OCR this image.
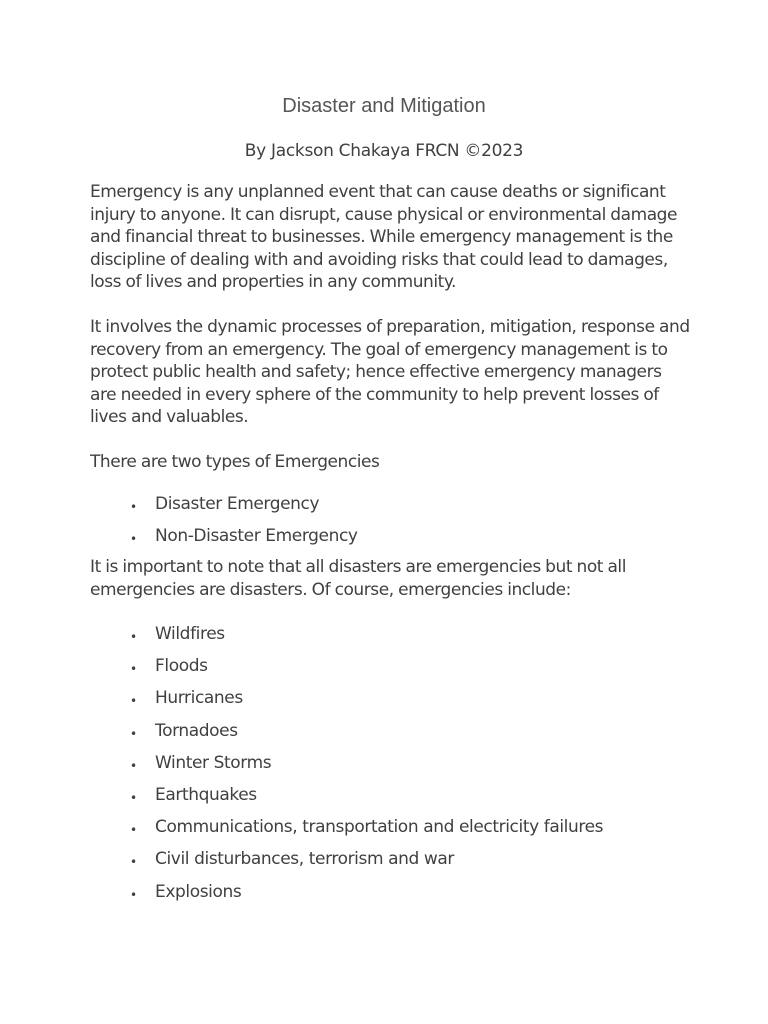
Disaster and Mitigation
By Jackson Chakaya FRCN ©2023

Emergency is any unplanned event that can cause deaths or significant injury to anyone. It can disrupt, cause physical or environmental damage and financial threat to businesses. While emergency management is the discipline of dealing with and avoiding risks that could lead to damages, loss of lives and properties in any community.

It involves the dynamic processes of preparation, mitigation, response and recovery from an emergency. The goal of emergency management is to protect public health and safety; hence effective emergency managers are needed in every sphere of the community to help prevent losses of lives and valuables.

There are two types of Emergencies

• Disaster Emergency
• Non-Disaster Emergency

It is important to note that all disasters are emergencies but not all emergencies are disasters. Of course, emergencies include:

• Wildfires
• Floods
• Hurricanes
• Tornadoes
• Winter Storms
• Earthquakes
• Communications, transportation and electricity failures
• Civil disturbances, terrorism and war
• Explosions
